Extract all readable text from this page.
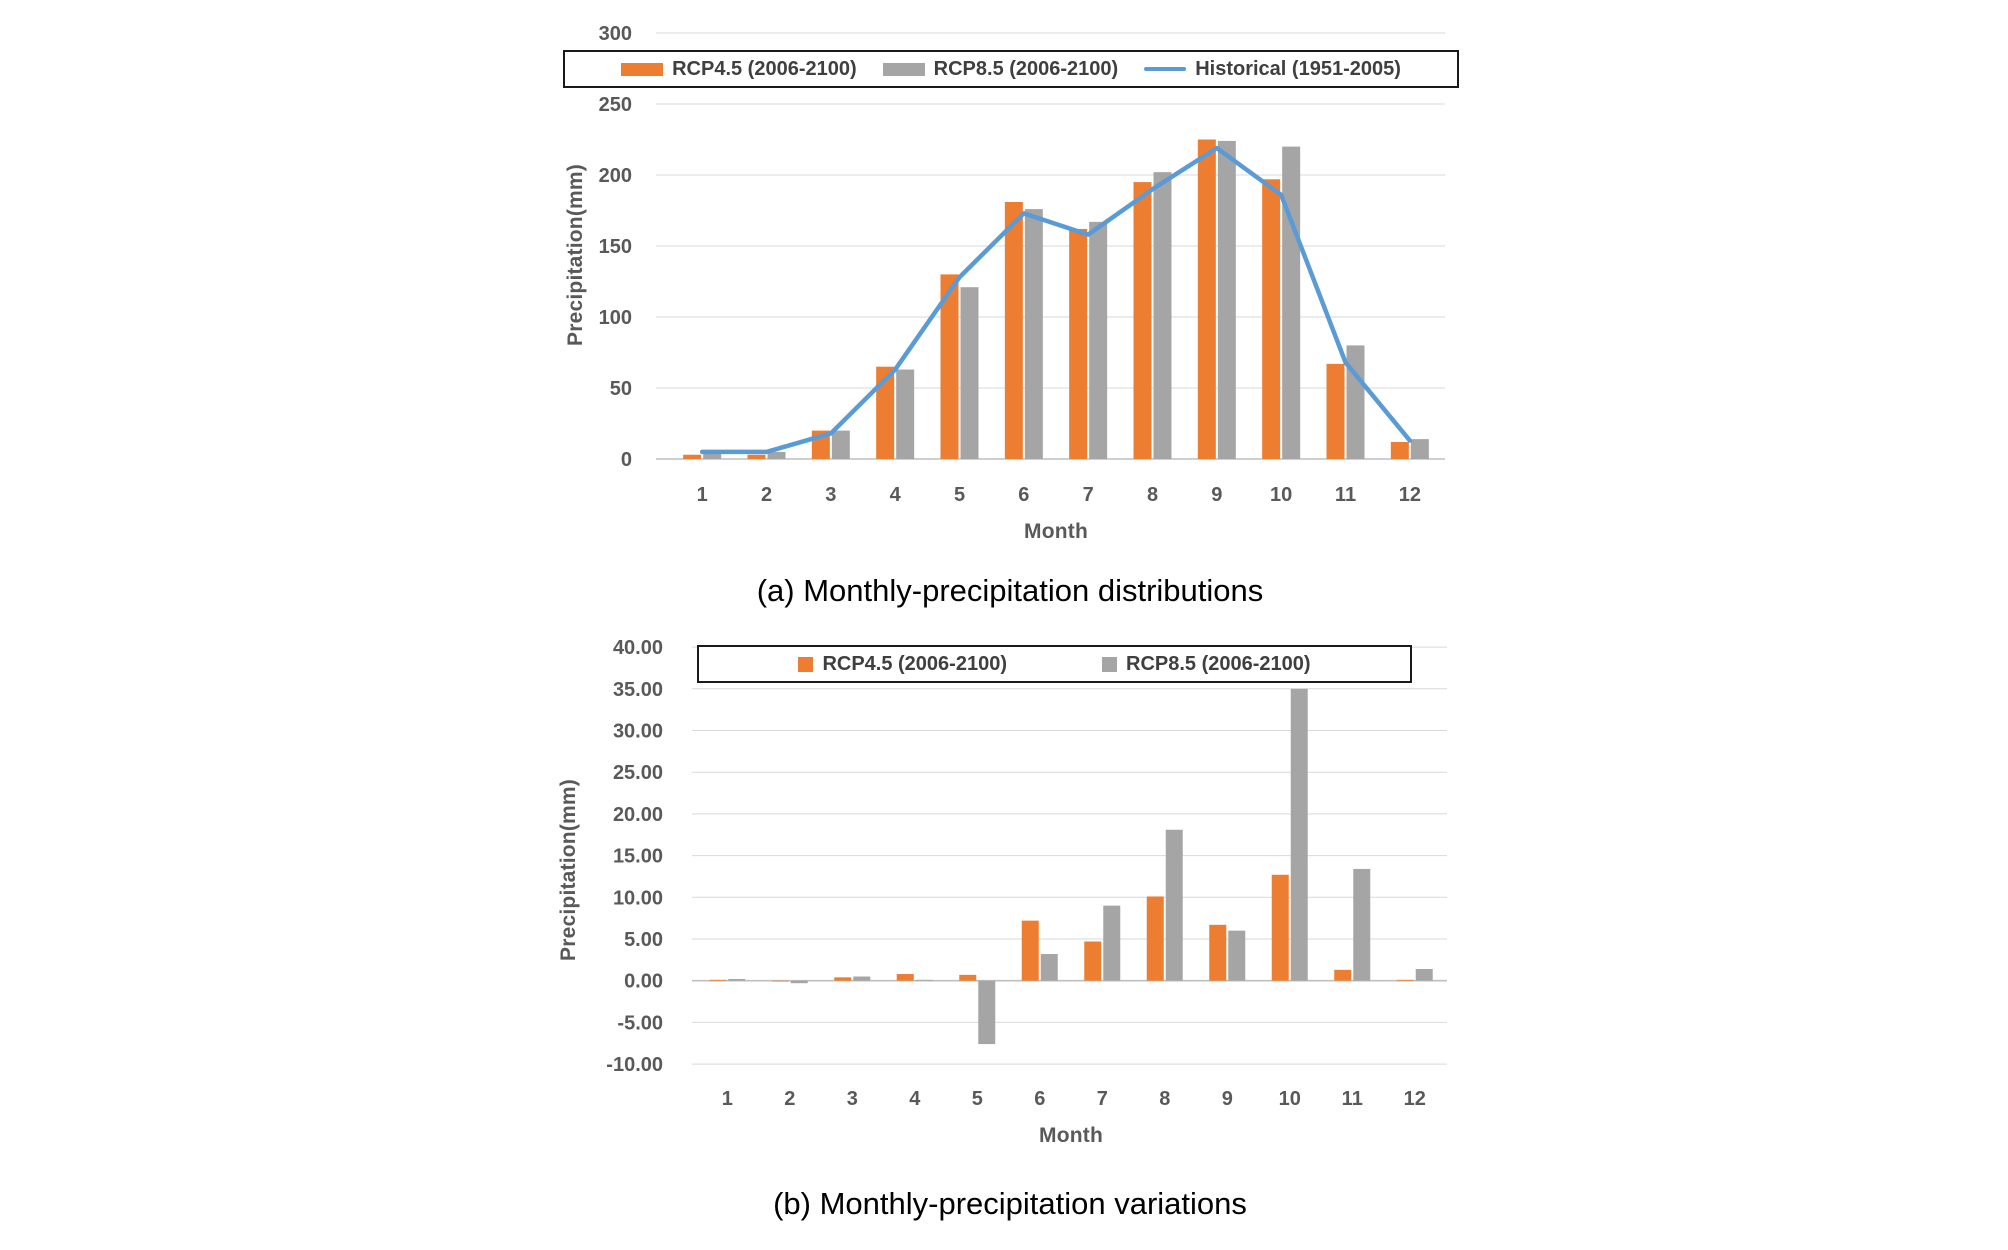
300
250
200
150
100
50
0
1	2	3	4	5	6	7	8	9 10 11 12
Precipitation(mm)
Month
RCP4.5 (2006-2100)	RCP8.5 (2006-2100)	Historical (1951-2005)
(a) Monthly-precipitation distributions
40.00
35.00
30.00
25.00
20.00
15.00
10.00
5.00
0.00
-5.00
-10.00
1	2	3	4	5	6	7	8	9 10 11 12
Precipitation(mm)
Month
RCP4.5 (2006-2100)	RCP8.5 (2006-2100)
(b) Monthly-precipitation variations
